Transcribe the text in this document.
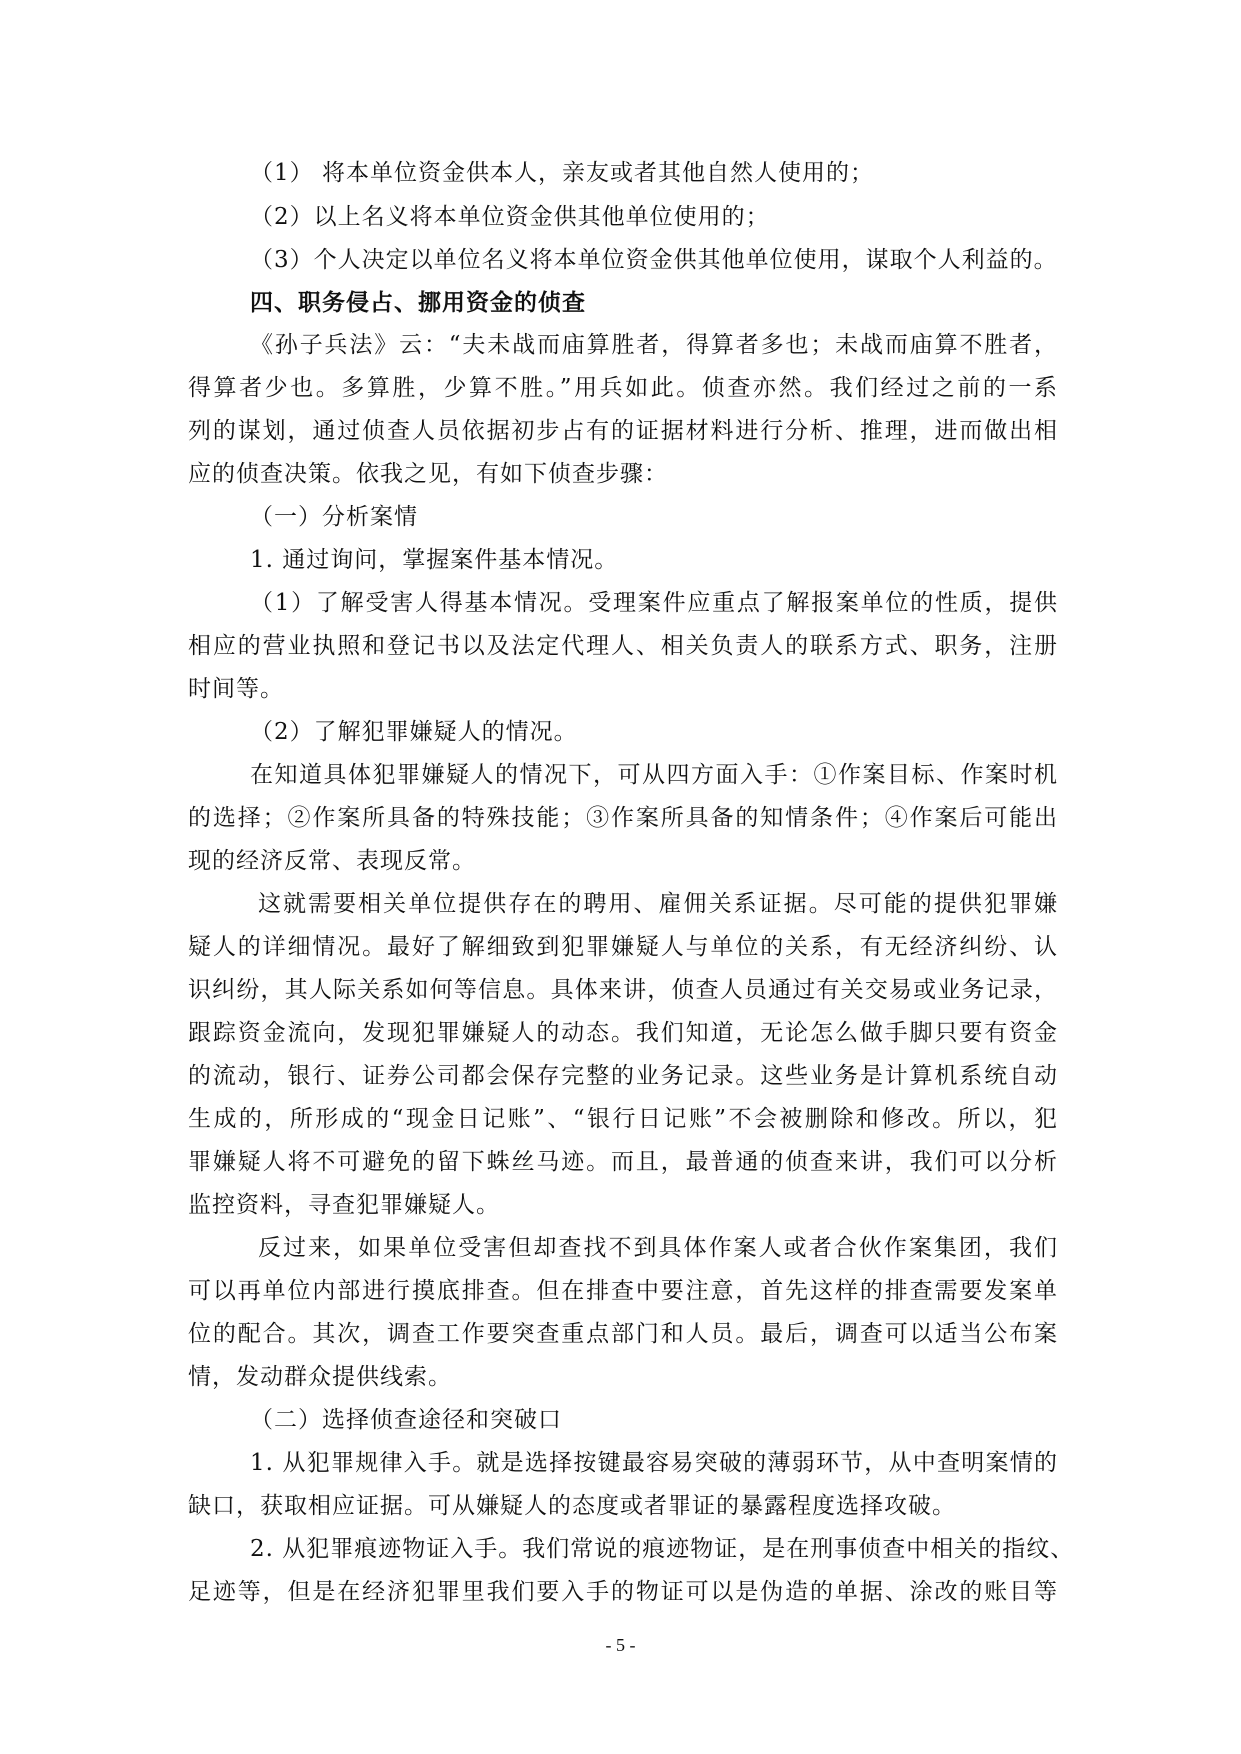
（1） 将本单位资金供本人，亲友或者其他自然人使用的；
（2）以上名义将本单位资金供其他单位使用的；
（3）个人决定以单位名义将本单位资金供其他单位使用，谋取个人利益的。
四、职务侵占、挪用资金的侦查
《孙子兵法》云：“夫未战而庙算胜者，得算者多也；未战而庙算不胜者，
得算者少也。多算胜，少算不胜。”用兵如此。侦查亦然。我们经过之前的一系
列的谋划，通过侦查人员依据初步占有的证据材料进行分析、推理，进而做出相
应的侦查决策。依我之见，有如下侦查步骤：
（一）分析案情
1. 通过询问，掌握案件基本情况。
（1）了解受害人得基本情况。受理案件应重点了解报案单位的性质，提供
相应的营业执照和登记书以及法定代理人、相关负责人的联系方式、职务，注册
时间等。
（2）了解犯罪嫌疑人的情况。
在知道具体犯罪嫌疑人的情况下，可从四方面入手：①作案目标、作案时机
的选择；②作案所具备的特殊技能；③作案所具备的知情条件；④作案后可能出
现的经济反常、表现反常。
这就需要相关单位提供存在的聘用、雇佣关系证据。尽可能的提供犯罪嫌
疑人的详细情况。最好了解细致到犯罪嫌疑人与单位的关系，有无经济纠纷、认
识纠纷，其人际关系如何等信息。具体来讲，侦查人员通过有关交易或业务记录，
跟踪资金流向，发现犯罪嫌疑人的动态。我们知道，无论怎么做手脚只要有资金
的流动，银行、证券公司都会保存完整的业务记录。这些业务是计算机系统自动
生成的，所形成的“现金日记账”、“银行日记账”不会被删除和修改。所以，犯
罪嫌疑人将不可避免的留下蛛丝马迹。而且，最普通的侦查来讲，我们可以分析
监控资料，寻查犯罪嫌疑人。
反过来，如果单位受害但却查找不到具体作案人或者合伙作案集团，我们
可以再单位内部进行摸底排查。但在排查中要注意，首先这样的排查需要发案单
位的配合。其次，调查工作要突查重点部门和人员。最后，调查可以适当公布案
情，发动群众提供线索。
（二）选择侦查途径和突破口
1. 从犯罪规律入手。就是选择按键最容易突破的薄弱环节，从中查明案情的
缺口，获取相应证据。可从嫌疑人的态度或者罪证的暴露程度选择攻破。
2. 从犯罪痕迹物证入手。我们常说的痕迹物证，是在刑事侦查中相关的指纹、
足迹等，但是在经济犯罪里我们要入手的物证可以是伪造的单据、涂改的账目等
- 5 -
